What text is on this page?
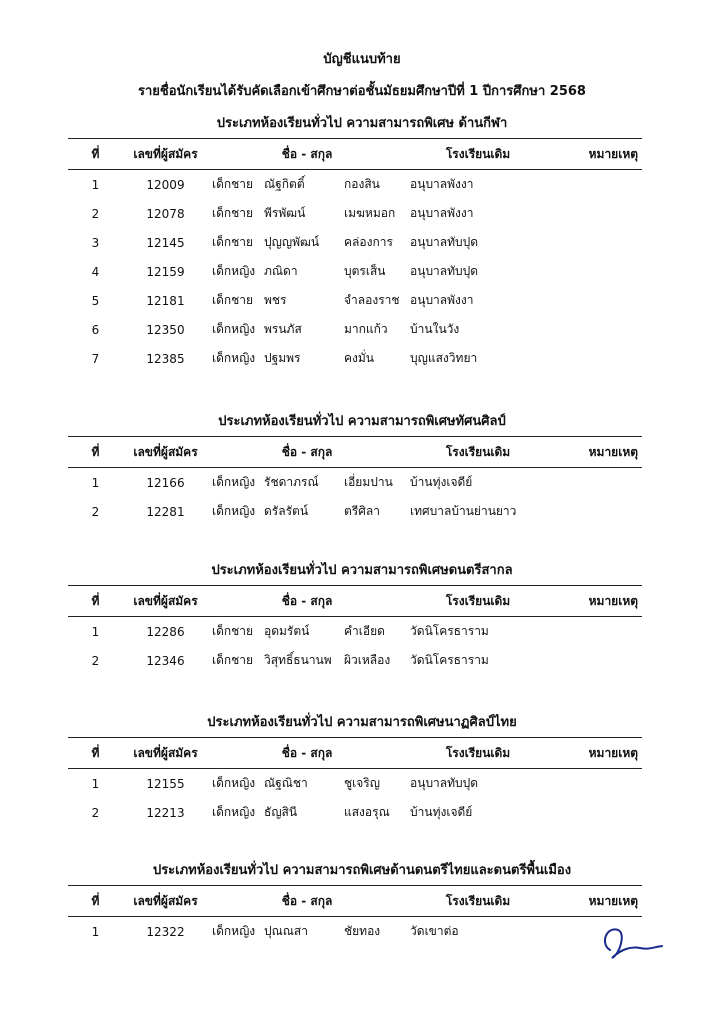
บัญชีแนบท้าย
รายชื่อนักเรียนได้รับคัดเลือกเข้าศึกษาต่อชั้นมัธยมศึกษาปีที่ 1 ปีการศึกษา 2568
ประเภทห้องเรียนทั่วไป ความสามารถพิเศษ ด้านกีฬา
ที่	เลขที่ผู้สมัคร	ชื่อ - สกุล			โรงเรียนเดิม	หมายเหตุ
1	12009	เด็กชาย	ณัฐกิตติ์	กองสิน	อนุบาลพังงา	
2	12078	เด็กชาย	พีรพัฒน์	เมฆหมอก	อนุบาลพังงา	
3	12145	เด็กชาย	ปุญญพัฒน์	คล่องการ	อนุบาลทับปุด	
4	12159	เด็กหญิง	ภณิดา	บุตรเส็น	อนุบาลทับปุด	
5	12181	เด็กชาย	พชร	จำลองราช	อนุบาลพังงา	
6	12350	เด็กหญิง	พรนภัส	มากแก้ว	บ้านในวัง	
7	12385	เด็กหญิง	ปฐมพร	คงมั่น	บุญแสงวิทยา	
ประเภทห้องเรียนทั่วไป ความสามารถพิเศษทัศนศิลป์
ที่	เลขที่ผู้สมัคร	ชื่อ - สกุล			โรงเรียนเดิม	หมายเหตุ
1	12166	เด็กหญิง	รัชดาภรณ์	เอี่ยมปาน	บ้านทุ่งเจดีย์	
2	12281	เด็กหญิง	ดรัลรัตน์	ตรีศิลา	เทศบาลบ้านย่านยาว	
ประเภทห้องเรียนทั่วไป ความสามารถพิเศษดนตรีสากล
ที่	เลขที่ผู้สมัคร	ชื่อ - สกุล			โรงเรียนเดิม	หมายเหตุ
1	12286	เด็กชาย	อุดมรัตน์	คำเอียด	วัดนิโครธาราม	
2	12346	เด็กชาย	วิสุทธิ์ธนานพ	ผิวเหลือง	วัดนิโครธาราม	
ประเภทห้องเรียนทั่วไป ความสามารถพิเศษนาฏศิลป์ไทย
ที่	เลขที่ผู้สมัคร	ชื่อ - สกุล			โรงเรียนเดิม	หมายเหตุ
1	12155	เด็กหญิง	ณัฐณิชา	ชูเจริญ	อนุบาลทับปุด	
2	12213	เด็กหญิง	ธัญสินี	แสงอรุณ	บ้านทุ่งเจดีย์	
ประเภทห้องเรียนทั่วไป ความสามารถพิเศษด้านดนตรีไทยและดนตรีพื้นเมือง
ที่	เลขที่ผู้สมัคร	ชื่อ - สกุล			โรงเรียนเดิม	หมายเหตุ
1	12322	เด็กหญิง	ปุณณสา	ชัยทอง	วัดเขาต่อ	
